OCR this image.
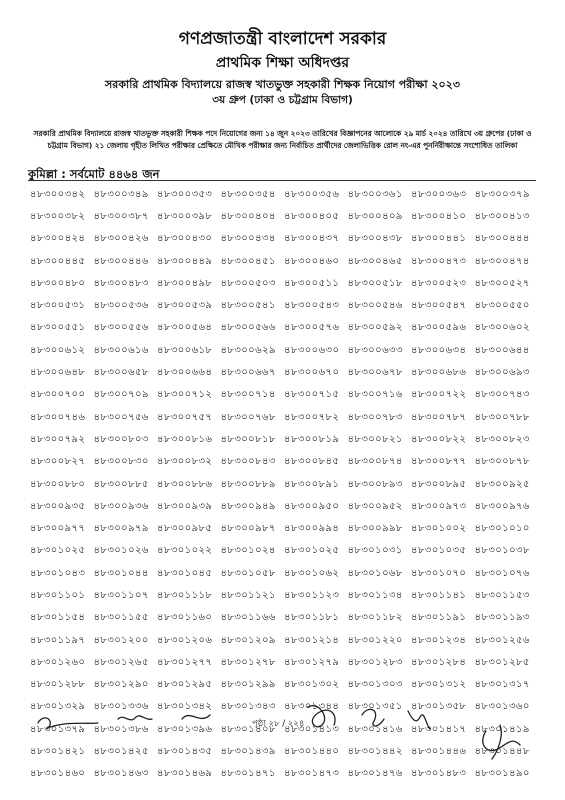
গণপ্রজাতন্ত্রী বাংলাদেশ সরকার
প্রাথমিক শিক্ষা অধিদপ্তর
সরকারি প্রাথমিক বিদ্যালয়ে রাজস্ব খাতভুক্ত সহকারী শিক্ষক নিয়োগ পরীক্ষা ২০২৩
৩য় গ্রুপ (ঢাকা ও চট্টগ্রাম বিভাগ)
সরকারি প্রাথমিক বিদ্যালয়ে রাজস্ব খাতভুক্ত সহকারী শিক্ষক পদে নিয়োগের জন্য ১৪ জুন ২০২৩ তারিখের বিজ্ঞাপনের আলোকে ২৯ মার্চ ২০২৪ তারিখে ৩য় গ্রুপের (ঢাকা ও চট্টগ্রাম বিভাগ) ২১ জেলায় গৃহীত লিখিত পরীক্ষার প্রেক্ষিতে মৌখিক পরীক্ষার জন্য নির্বাচিত প্রার্থীদের জেলাভিত্তিক রোল নং-এর পুনর্নিরীক্ষান্তে সংশোধিত তালিকা
কুমিল্লা : সর্বমোট ৪৪৬৪ জন
৪৮৩০০৩৪২ ৪৮৩০০৩৪৯ ৪৮৩০০৩৫৩ ৪৮৩০০৩৫৪ ৪৮৩০০৩৫৬ ৪৮৩০০৩৬১ ৪৮৩০০৩৬৩ ৪৮৩০০৩৭৯
৪৮৩০০৩৮২ ৪৮৩০০৩৮৭ ৪৮৩০০৩৯৮ ৪৮৩০০৪০৪ ৪৮৩০০৪০৫ ৪৮৩০০৪০৯ ৪৮৩০০৪১০ ৪৮৩০০৪১৩
৪৮৩০০৪২৪ ৪৮৩০০৪২৬ ৪৮৩০০৪৩০ ৪৮৩০০৪৩৪ ৪৮৩০০৪৩৭ ৪৮৩০০৪৩৮ ৪৮৩০০৪৪১ ৪৮৩০০৪৪৪
৪৮৩০০৪৪৫ ৪৮৩০০৪৪৬ ৪৮৩০০৪৪৯ ৪৮৩০০৪৫১ ৪৮৩০০৪৬০ ৪৮৩০০৪৬৫ ৪৮৩০০৪৭৩ ৪৮৩০০৪৭৪
৪৮৩০০৪৮০ ৪৮৩০০৪৮৩ ৪৮৩০০৪৯৮ ৪৮৩০০৫০৩ ৪৮৩০০৫১১ ৪৮৩০০৫১৮ ৪৮৩০০৫২৩ ৪৮৩০০৫২৭
৪৮৩০০৫৩১ ৪৮৩০০৫৩৬ ৪৮৩০০৫৩৯ ৪৮৩০০৫৪১ ৪৮৩০০৫৪৩ ৪৮৩০০৫৪৬ ৪৮৩০০৫৪৭ ৪৮৩০০৫৫০
৪৮৩০০৫৫১ ৪৮৩০০৫৫৬ ৪৮৩০০৫৬৪ ৪৮৩০০৫৬৬ ৪৮৩০০৫৭৬ ৪৮৩০০৫৯২ ৪৮৩০০৫৯৬ ৪৮৩০০৬০২
৪৮৩০০৬১২ ৪৮৩০০৬১৬ ৪৮৩০০৬১৮ ৪৮৩০০৬২৯ ৪৮৩০০৬৩০ ৪৮৩০০৬৩৩ ৪৮৩০০৬৩৪ ৪৮৩০০৬৪৪
৪৮৩০০৬৪৮ ৪৮৩০০৬৫৮ ৪৮৩০০৬৬৪ ৪৮৩০০৬৬৭ ৪৮৩০০৬৭০ ৪৮৩০০৬৭৮ ৪৮৩০০৬৮৬ ৪৮৩০০৬৯৩
৪৮৩০০৭০০ ৪৮৩০০৭০৯ ৪৮৩০০৭১২ ৪৮৩০০৭১৪ ৪৮৩০০৭১৫ ৪৮৩০০৭১৬ ৪৮৩০০৭২২ ৪৮৩০০৭৪৩
৪৮৩০০৭৪৬ ৪৮৩০০৭৫৬ ৪৮৩০০৭৫৭ ৪৮৩০০৭৬৮ ৪৮৩০০৭৮২ ৪৮৩০০৭৮৩ ৪৮৩০০৭৮৭ ৪৮৩০০৭৮৮
৪৮৩০০৭৯২ ৪৮৩০০৮০৩ ৪৮৩০০৮১৬ ৪৮৩০০৮১৮ ৪৮৩০০৮১৯ ৪৮৩০০৮২১ ৪৮৩০০৮২২ ৪৮৩০০৮২৩
৪৮৩০০৮২৭ ৪৮৩০০৮৩০ ৪৮৩০০৮৩২ ৪৮৩০০৮৪৩ ৪৮৩০০৮৪৫ ৪৮৩০০৮৭৪ ৪৮৩০০৮৭৭ ৪৮৩০০৮৭৮
৪৮৩০০৮৮০ ৪৮৩০০৮৮৫ ৪৮৩০০৮৮৬ ৪৮৩০০৮৮৯ ৪৮৩০০৮৯১ ৪৮৩০০৮৯৩ ৪৮৩০০৮৯৫ ৪৮৩০০৯২৫
৪৮৩০০৯৩৫ ৪৮৩০০৯৩৬ ৪৮৩০০৯৩৯ ৪৮৩০০৯৪৯ ৪৮৩০০৯৫০ ৪৮৩০০৯৫২ ৪৮৩০০৯৭৩ ৪৮৩০০৯৭৬
৪৮৩০০৯৭৭ ৪৮৩০০৯৭৯ ৪৮৩০০৯৮৫ ৪৮৩০০৯৮৭ ৪৮৩০০৯৯৪ ৪৮৩০০৯৯৮ ৪৮৩০১০০২ ৪৮৩০১০১০
৪৮৩০১০২৫ ৪৮৩০১০২৬ ৪৮৩০১০২২ ৪৮৩০১০২৪ ৪৮৩০১০২৫ ৪৮৩০১০৩১ ৪৮৩০১০৩৫ ৪৮৩০১০৩৮
৪৮৩০১০৪৩ ৪৮৩০১০৪৪ ৪৮৩০১০৪৫ ৪৮৩০১০৫৮ ৪৮৩০১০৬২ ৪৮৩০১০৬৮ ৪৮৩০১০৭০ ৪৮৩০১০৭৬
৪৮৩০১১০১ ৪৮৩০১১০৭ ৪৮৩০১১১৮ ৪৮৩০১১২১ ৪৮৩০১১২৩ ৪৮৩০১১৩৪ ৪৮৩০১১৪১ ৪৮৩০১১৫৩
৪৮৩০১১৫৪ ৪৮৩০১১৫৫ ৪৮৩০১১৬০ ৪৮৩০১১৬৬ ৪৮৩০১১৮১ ৪৮৩০১১৮২ ৪৮৩০১১৯১ ৪৮৩০১১৯৩
৪৮৩০১১৯৭ ৪৮৩০১২০০ ৪৮৩০১২০৬ ৪৮৩০১২০৯ ৪৮৩০১২১৪ ৪৮৩০১২২০ ৪৮৩০১২৩৪ ৪৮৩০১২৫৬
৪৮৩০১২৬০ ৪৮৩০১২৬৫ ৪৮৩০১২৭৭ ৪৮৩০১২৭৮ ৪৮৩০১২৭৯ ৪৮৩০১২৮৩ ৪৮৩০১২৮৪ ৪৮৩০১২৮৫
৪৮৩০১২৮৮ ৪৮৩০১২৯০ ৪৮৩০১২৯৫ ৪৮৩০১২৯৯ ৪৮৩০১৩০২ ৪৮৩০১৩০৩ ৪৮৩০১৩১২ ৪৮৩০১৩১৭
৪৮৩০১৩২৯ ৪৮৩০১৩৩৬ ৪৮৩০১৩৪২ ৪৮৩০১৩৪৩ ৪৮৩০১৩৪৪ ৪৮৩০১৩৫১ ৪৮৩০১৩৫৮ ৪৮৩০১৩৬০
৪৮৩০১৩৭৯ ৪৮৩০১৩৮৬ ৪৮৩০১৩৯৬ ৪৮৩০১৪০৮ ৪৮৩০১৪১৩ ৪৮৩০১৪১৬ ৪৮৩০১৪১৭ ৪৮৩০১৪১৯
৪৮৩০১৪২১ ৪৮৩০১৪২৫ ৪৮৩০১৪৩৫ ৪৮৩০১৪৩৯ ৪৮৩০১৪৪০ ৪৮৩০১৪৪২ ৪৮৩০১৪৪৬ ৪৮৩০১৪৪৮
৪৮৩০১৪৬০ ৪৮৩০১৪৬৩ ৪৮৩০১৪৬৯ ৪৮৩০১৪৭১ ৪৮৩০১৪৭৩ ৪৮৩০১৪৭৬ ৪৮৩০১৪৮৩ ৪৮৩০১৪৯০
পৃষ্ঠা ২৮ / ২২৪
